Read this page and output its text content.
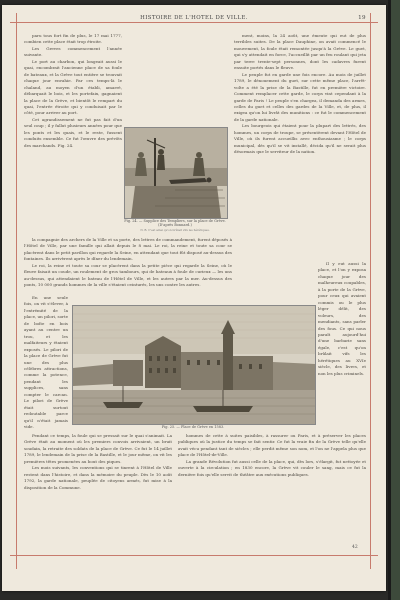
HISTOIRE DE L'HOTEL DE VILLE.	19

paru tous fort fin de plus, le 17 mai 1777, combien cette place était trop étroite.

Les Greves commencement l'année suivante.

Le port au charbon, qui longeait aussi le quai, encombrait l'ancienne place de sa foule de bateaux, et la Grève tout entière se trouvait chaque jour envahie. Par ces temps-là le chaland, au moyen d'un établi, amarré, débarquait le bois, et les portefaix, gagnaient la place de la Grève, et bientôt le rempart du quai, l'entrée étroite qui y conduisait par le côté, pour arriver au port.

Cet agrandissement ne fut pas fait d'un seul coup ; il y fallut plusieurs années pour que les ponts et les quais, et le reste, fussent conduits ensemble. Ce fut l'œuvre des prévôts des marchands. Fig. 24.

Fig. 24. — Supplice des Templiers, sur la place de Grève. (D'après Bonnard.)
N. B. C'est ainsi qu'on brûlait vifs les hérétiques.

ment, moins, la 24 août, une émeute qui eut de plus terribles suites. De la place Dauphine, on avait commencé le mouvement, la foule était remontée jusqu'à la Grève. Le guet, qui s'y attendait en force, l'accueillit par un feu roulant qui jeta par terre trente-sept personnes, dont les cadavres furent ensuite portés dans le fleuve.

Le peuple fut en garde une fois encore. Au mois de juillet 1789, le dénouement du guet, sur cette même place, l'arrêt-volte a été la prise de la Bastille, fut en première victoire. Comment remplacer cette garde, le corps vint cependant à la garde de Paris ! Le peuple s'en chargea, il demanda des armes, celles du guet et celles des gardes de la Ville, et, de plus, il exigea qu'on lui livrât des munitions : ce fut le commencement de la garde nationale.

Les bourgeois qui étaient pour la plupart des lettrés, des hommes, un corps de troupe, se présentèrent devant l'Hôtel de Ville, où ils furent accueillis avec enthousiasme ; le corps municipal, dés qu'il se vit installé, décida qu'il ne serait plus désormais que le serviteur de la nation.

la compagnie des archers de la Ville et sa porte, des lettres de commandement, furent déposés à l'Hôtel de Ville, par une famille qui allait depuis le 8 mai. Le roi, la reine et toute sa cour se placèrent dans le petit pavillon qui regarde la Seine, en attendant que tout fût disposé au-dessus des fontaines. Ils arrivèrent après le dîner du lendemain.

Le roi, la reine et toute sa cour se placèrent dans la petite pièce qui regarde la Seine, où le fleuve faisait un coude, un roulement de gros tambours, qui de bateaux à foule de curieux — les uns au-dessus, qui attendaient le bateau de l'Hôtel de Ville, et les autres par la mer. Au-dessus des ponts, 10 000 grands hommes de la ville s'étaient ceinturés, les uns contre les autres.

En une seule fois, on vit s'élever, à l'extrémité de la place, un pilori, sorte de boîte en bois ayant au centre un trou, et les malfaiteurs y étaient exposés. Le pilori de la place de Grève fut une des plus célèbres attractions, comme la potence, pendant les supplices, sans compter le carcan. Le pilori de Grève était surtout redoutable parce qu'il n'était jamais vide.

Il y eut aussi la place, et l'on y exposa chaque jour des malheureux coupables, à la porte de la Grève, pour ceux qui avaient commis ou le plus léger délit, des voleurs, des mendiants, sans parler des fous. Ce qui nous paraît aujourd'hui d'une barbarie sans égale, c'est qu'on brûlait vifs les hérétiques au XVIe siècle, des livres, et non les plus criminels.

Fig. 25. — Place de Grève en 1583.

Pendant ce temps, la foule qui se pressait sur le quai s'animait. La Grève était au moment où les premiers convois arrivaient, un bruit soudain, la retraite des soldats de la place de Grève. Ce fut le 14 juillet 1789, le lendemain de la prise de la Bastille, et le jour même, on vit les premières têtes promenées au bout des piques.

Les mois suivants, les conventions qui se tinrent à l'Hôtel de Ville restent dans l'histoire, et dans la mémoire du peuple. Dès le 10 août 1792, la garde nationale, peuplée de citoyens armés, fut mise à la disposition de la Commune.

hommes de cette à suites paisibles, à rassurer ou Paris, et à préserver les places publiques où la justice du temps se fait sentir. Ce fut la vraie fin de la Grève telle qu'elle avait vécu pendant tant de siècles ; elle perdit même son nom, et l'on ne l'appela plus que place de l'Hôtel-de-Ville.

La grande Révolution fut aussi celle de la place, qui, dès lors, s'élargit, fut nettoyée et ouverte à la circulation ; en 1830 encore, la Grève vit couler le sang, mais ce fut la dernière fois qu'elle servit de théâtre aux exécutions publiques.

42
